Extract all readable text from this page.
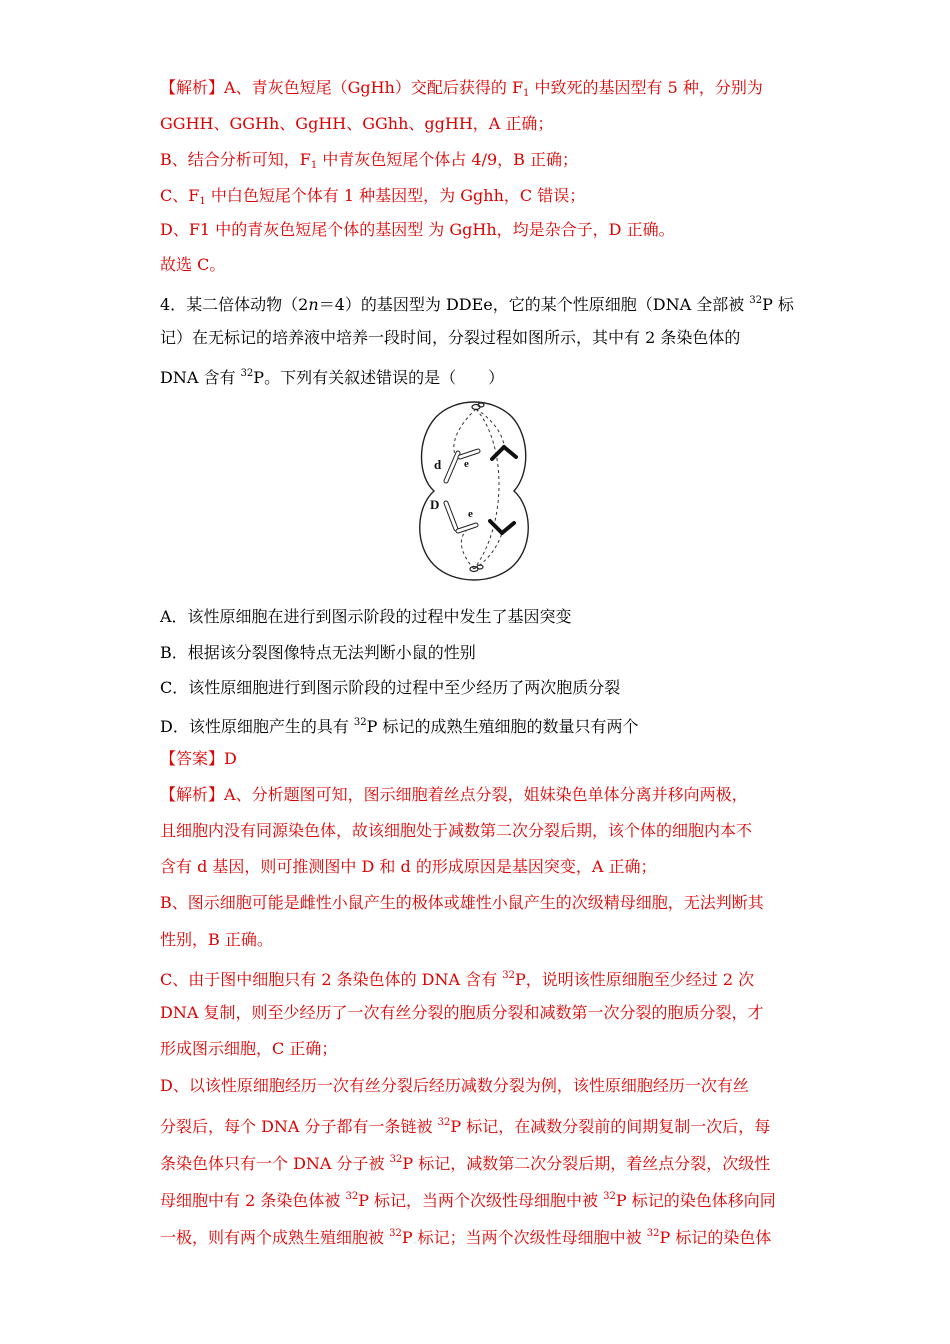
【解析】A、青灰色短尾（GgHh）交配后获得的 $F_1$ 中致死的基因型有 5 种，分别为
GGHH、GGHh、GgHH、GGhh、ggHH，A 正确；
B、结合分析可知，$F_1$ 中青灰色短尾个体占 4/9，B 正确；
C、$F_1$ 中白色短尾个体有 1 种基因型，为 Gghh，C 错误；
D、F1 中的青灰色短尾个体的基因型 为 GgHh，均是杂合子，D 正确。
故选 C。
4．某二倍体动物（2n＝4）的基因型为 DDEe，它的某个性原细胞（DNA 全部被 $^{32}$P 标
记）在无标记的培养液中培养一段时间，分裂过程如图所示，其中有 2 条染色体的
DNA 含有 $^{32}$P。下列有关叙述错误的是（　　）
d e
D
e
A．该性原细胞在进行到图示阶段的过程中发生了基因突变
B．根据该分裂图像特点无法判断小鼠的性别
C．该性原细胞进行到图示阶段的过程中至少经历了两次胞质分裂
D．该性原细胞产生的具有 $^{32}$P 标记的成熟生殖细胞的数量只有两个
【答案】D
【解析】A、分析题图可知，图示细胞着丝点分裂，姐妹染色单体分离并移向两极，
且细胞内没有同源染色体，故该细胞处于减数第二次分裂后期，该个体的细胞内本不
含有 d 基因，则可推测图中 D 和 d 的形成原因是基因突变，A 正确；
B、图示细胞可能是雌性小鼠产生的极体或雄性小鼠产生的次级精母细胞，无法判断其
性别，B 正确。
C、由于图中细胞只有 2 条染色体的 DNA 含有 $^{32}$P，说明该性原细胞至少经过 2 次
DNA 复制，则至少经历了一次有丝分裂的胞质分裂和减数第一次分裂的胞质分裂，才
形成图示细胞，C 正确；
D、以该性原细胞经历一次有丝分裂后经历减数分裂为例，该性原细胞经历一次有丝
分裂后，每个 DNA 分子都有一条链被 $^{32}$P 标记，在减数分裂前的间期复制一次后，每
条染色体只有一个 DNA 分子被 $^{32}$P 标记，减数第二次分裂后期，着丝点分裂，次级性
母细胞中有 2 条染色体被 $^{32}$P 标记，当两个次级性母细胞中被 $^{32}$P 标记的染色体移向同
一极，则有两个成熟生殖细胞被 $^{32}$P 标记；当两个次级性母细胞中被 $^{32}$P 标记的染色体
